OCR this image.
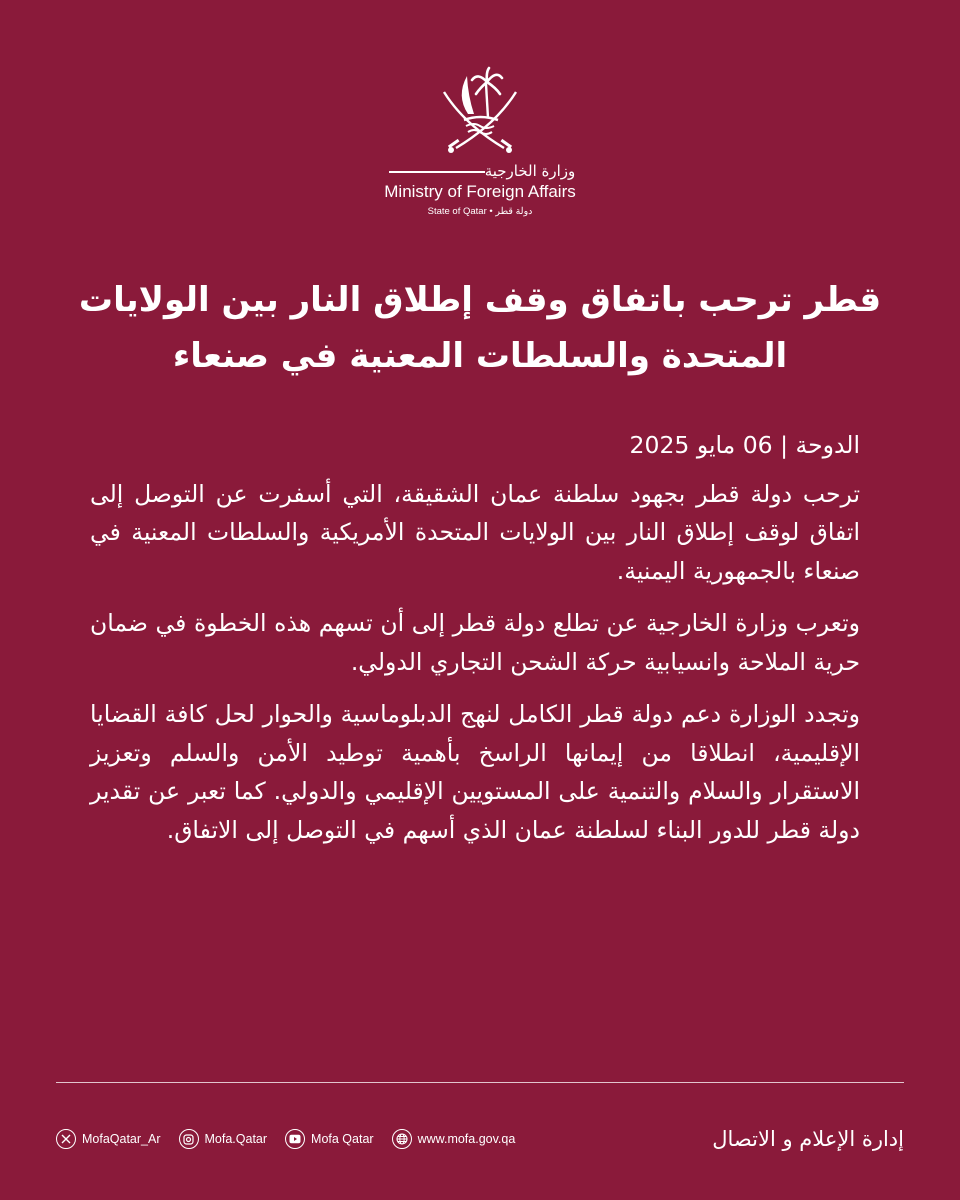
وزارة الخارجية
Ministry of Foreign Affairs
State of Qatar • دولة قطر
قطر ترحب باتفاق وقف إطلاق النار بين الولايات
المتحدة والسلطات المعنية في صنعاء

الدوحة | 06 مايو 2025

ترحب دولة قطر بجهود سلطنة عمان الشقيقة، التي أسفرت عن التوصل إلى اتفاق لوقف إطلاق النار بين الولايات المتحدة الأمريكية والسلطات المعنية في صنعاء بالجمهورية اليمنية.

وتعرب وزارة الخارجية عن تطلع دولة قطر إلى أن تسهم هذه الخطوة في ضمان حرية الملاحة وانسيابية حركة الشحن التجاري الدولي.

وتجدد الوزارة دعم دولة قطر الكامل لنهج الدبلوماسية والحوار لحل كافة القضايا الإقليمية، انطلاقا من إيمانها الراسخ بأهمية توطيد الأمن والسلم وتعزيز الاستقرار والسلام والتنمية على المستويين الإقليمي والدولي. كما تعبر عن تقدير دولة قطر للدور البناء لسلطنة عمان الذي أسهم في التوصل إلى الاتفاق.

MofaQatar_Ar	Mofa.Qatar	Mofa Qatar	www.mofa.gov.qa	إدارة الإعلام و الاتصال
